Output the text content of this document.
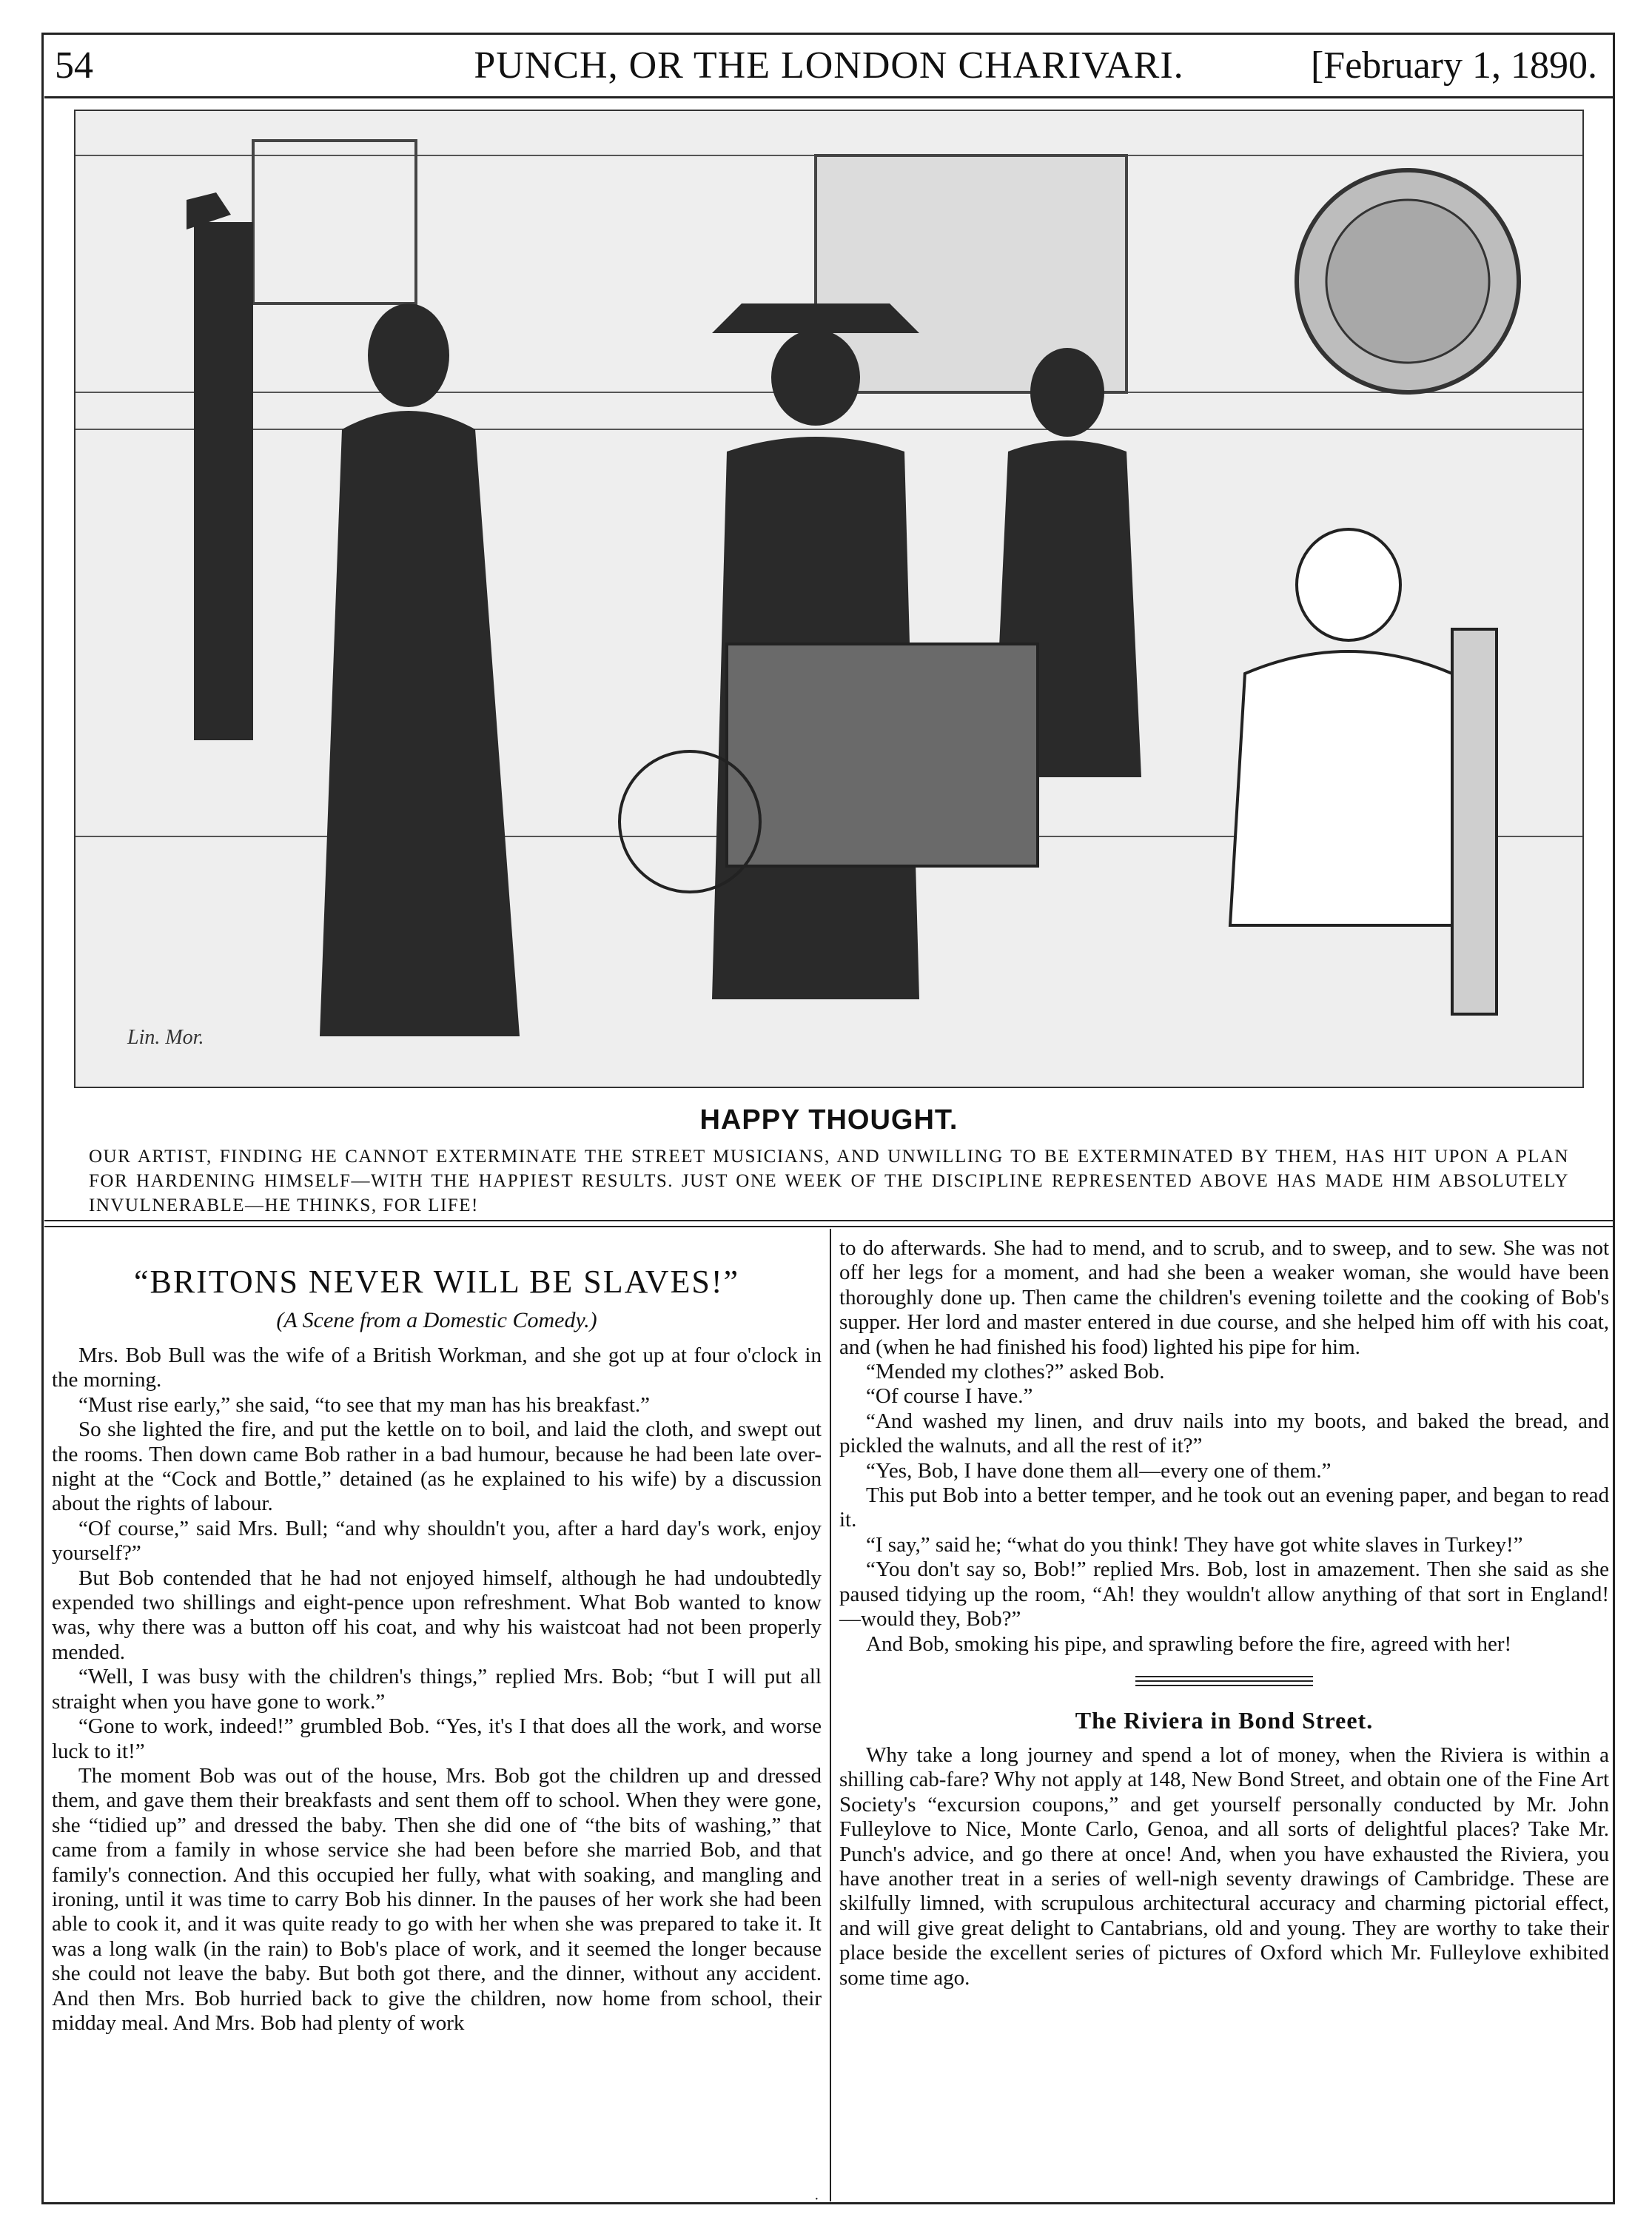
54	PUNCH, OR THE LONDON CHARIVARI.	[February 1, 1890.
Lin. Mor.
HAPPY THOUGHT.
OUR ARTIST, FINDING HE CANNOT EXTERMINATE THE STREET MUSICIANS, AND UNWILLING TO BE EXTERMINATED BY THEM, HAS HIT UPON A PLAN FOR HARDENING HIMSELF—WITH THE HAPPIEST RESULTS. JUST ONE WEEK OF THE DISCIPLINE REPRESENTED ABOVE HAS MADE HIM ABSOLUTELY INVULNERABLE—HE THINKS, FOR LIFE!
“BRITONS NEVER WILL BE SLAVES!”
(A Scene from a Domestic Comedy.)

Mrs. Bob Bull was the wife of a British Workman, and she got up at four o'clock in the morning.

“Must rise early,” she said, “to see that my man has his breakfast.”

So she lighted the fire, and put the kettle on to boil, and laid the cloth, and swept out the rooms. Then down came Bob rather in a bad humour, because he had been late over-night at the “Cock and Bottle,” detained (as he explained to his wife) by a discussion about the rights of labour.

“Of course,” said Mrs. Bull; “and why shouldn't you, after a hard day's work, enjoy yourself?”

But Bob contended that he had not enjoyed himself, although he had undoubtedly expended two shillings and eight-pence upon refreshment. What Bob wanted to know was, why there was a button off his coat, and why his waistcoat had not been properly mended.

“Well, I was busy with the children's things,” replied Mrs. Bob; “but I will put all straight when you have gone to work.”

“Gone to work, indeed!” grumbled Bob. “Yes, it's I that does all the work, and worse luck to it!”

The moment Bob was out of the house, Mrs. Bob got the children up and dressed them, and gave them their breakfasts and sent them off to school. When they were gone, she “tidied up” and dressed the baby. Then she did one of “the bits of washing,” that came from a family in whose service she had been before she married Bob, and that family's connection. And this occupied her fully, what with soaking, and mangling and ironing, until it was time to carry Bob his dinner. In the pauses of her work she had been able to cook it, and it was quite ready to go with her when she was prepared to take it. It was a long walk (in the rain) to Bob's place of work, and it seemed the longer because she could not leave the baby. But both got there, and the dinner, without any accident. And then Mrs. Bob hurried back to give the children, now home from school, their midday meal. And Mrs. Bob had plenty of work

to do afterwards. She had to mend, and to scrub, and to sweep, and to sew. She was not off her legs for a moment, and had she been a weaker woman, she would have been thoroughly done up. Then came the children's evening toilette and the cooking of Bob's supper. Her lord and master entered in due course, and she helped him off with his coat, and (when he had finished his food) lighted his pipe for him.

“Mended my clothes?” asked Bob.

“Of course I have.”

“And washed my linen, and druv nails into my boots, and baked the bread, and pickled the walnuts, and all the rest of it?”

“Yes, Bob, I have done them all—every one of them.”

This put Bob into a better temper, and he took out an evening paper, and began to read it.

“I say,” said he; “what do you think! They have got white slaves in Turkey!”

“You don't say so, Bob!” replied Mrs. Bob, lost in amazement. Then she said as she paused tidying up the room, “Ah! they wouldn't allow anything of that sort in England!—would they, Bob?”

And Bob, smoking his pipe, and sprawling before the fire, agreed with her!

The Riviera in Bond Street.

Why take a long journey and spend a lot of money, when the Riviera is within a shilling cab-fare? Why not apply at 148, New Bond Street, and obtain one of the Fine Art Society's “excursion coupons,” and get yourself personally conducted by Mr. John Fulleylove to Nice, Monte Carlo, Genoa, and all sorts of delightful places? Take Mr. Punch's advice, and go there at once! And, when you have exhausted the Riviera, you have another treat in a series of well-nigh seventy drawings of Cambridge. These are skilfully limned, with scrupulous architectural accuracy and charming pictorial effect, and will give great delight to Cantabrians, old and young. They are worthy to take their place beside the excellent series of pictures of Oxford which Mr. Fulleylove exhibited some time ago.

·
